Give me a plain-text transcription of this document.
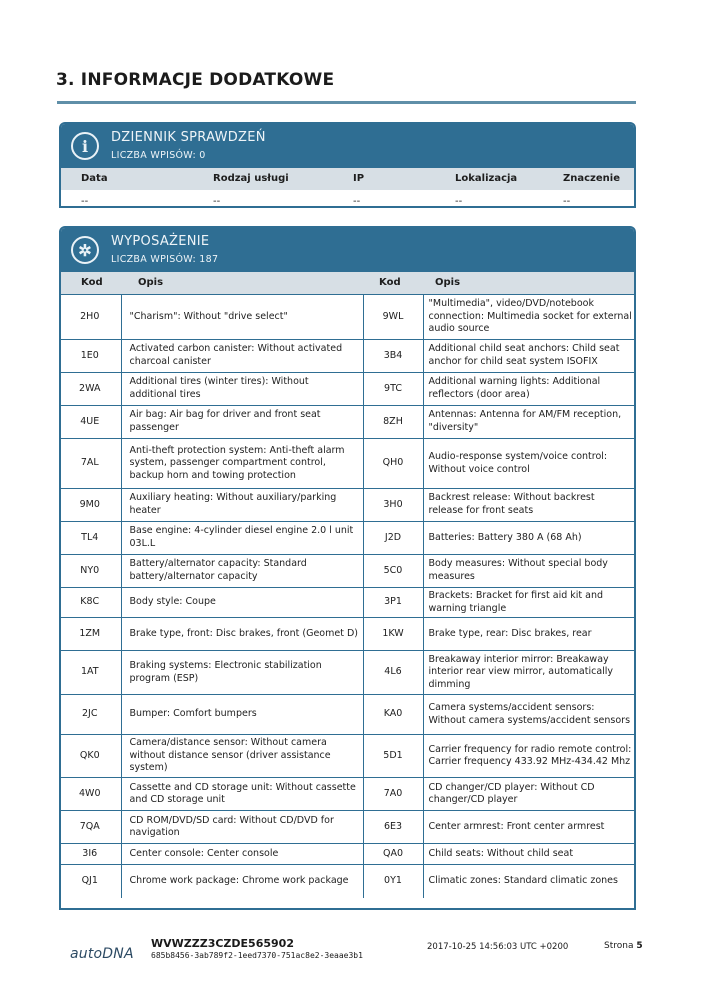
3. INFORMACJE DODATKOWE
i	DZIENNIK SPRAWDZEŃ
LICZBA WPISÓW: 0
Data	Rodzaj usługi	IP	Lokalizacja	Znaczenie
--	--	--	--	--
✲	WYPOSAŻENIE
LICZBA WPISÓW: 187
Kod	Opis	Kod	Opis
2H0	"Charism": Without "drive select"	9WL	"Multimedia", video/DVD/notebook connection: Multimedia socket for external audio source
1E0	Activated carbon canister: Without activated charcoal canister	3B4	Additional child seat anchors: Child seat anchor for child seat system ISOFIX
2WA	Additional tires (winter tires): Without additional tires	9TC	Additional warning lights: Additional reflectors (door area)
4UE	Air bag: Air bag for driver and front seat passenger	8ZH	Antennas: Antenna for AM/FM reception, "diversity"
7AL	Anti-theft protection system: Anti-theft alarm system, passenger compartment control, backup horn and towing protection	QH0	Audio-response system/voice control: Without voice control
9M0	Auxiliary heating: Without auxiliary/parking heater	3H0	Backrest release: Without backrest release for front seats
TL4	Base engine: 4-cylinder diesel engine 2.0 l unit 03L.L	J2D	Batteries: Battery 380 A (68 Ah)
NY0	Battery/alternator capacity: Standard battery/alternator capacity	5C0	Body measures: Without special body measures
K8C	Body style: Coupe	3P1	Brackets: Bracket for first aid kit and warning triangle
1ZM	Brake type, front: Disc brakes, front (Geomet D)	1KW	Brake type, rear: Disc brakes, rear
1AT	Braking systems: Electronic stabilization program (ESP)	4L6	Breakaway interior mirror: Breakaway interior rear view mirror, automatically dimming
2JC	Bumper: Comfort bumpers	KA0	Camera systems/accident sensors: Without camera systems/accident sensors
QK0	Camera/distance sensor: Without camera without distance sensor (driver assistance system)	5D1	Carrier frequency for radio remote control: Carrier frequency 433.92 MHz-434.42 Mhz
4W0	Cassette and CD storage unit: Without cassette and CD storage unit	7A0	CD changer/CD player: Without CD changer/CD player
7QA	CD ROM/DVD/SD card: Without CD/DVD for navigation	6E3	Center armrest: Front center armrest
3I6	Center console: Center console	QA0	Child seats: Without child seat
QJ1	Chrome work package: Chrome work package	0Y1	Climatic zones: Standard climatic zones
autoDNA
WVWZZZ3CZDE565902
685b8456-3ab789f2-1eed7370-751ac8e2-3eaae3b1
2017-10-25 14:56:03 UTC +0200	Strona 5
